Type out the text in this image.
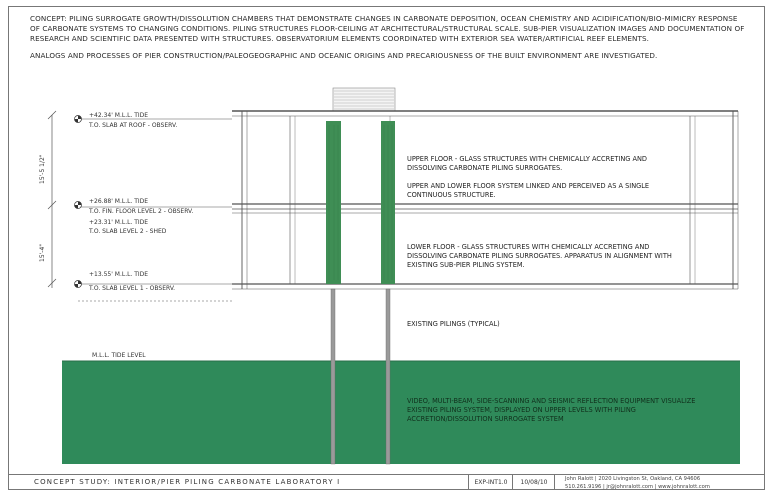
CONCEPT: PILING SURROGATE GROWTH/DISSOLUTION CHAMBERS THAT DEMONSTRATE CHANGES IN CARBONATE DEPOSITION, OCEAN CHEMISTRY AND ACIDIFICATION/BIO-MIMICRY RESPONSE OF CARBONATE SYSTEMS TO CHANGING CONDITIONS. PILING STRUCTURES FLOOR-CEILING AT ARCHITECTURAL/STRUCTURAL SCALE. SUB-PIER VISUALIZATION IMAGES AND DOCUMENTATION OF RESEARCH AND SCIENTIFIC DATA PRESENTED WITH STRUCTURES. OBSERVATORIUM ELEMENTS COORDINATED WITH EXTERIOR SEA WATER/ARTIFICIAL REEF ELEMENTS.

ANALOGS AND PROCESSES OF PIER CONSTRUCTION/PALEOGEOGRAPHIC AND OCEANIC ORIGINS AND PRECARIOUSNESS OF THE BUILT ENVIRONMENT ARE INVESTIGATED.

15'-5 1/2"
15'-4"
+42.34' M.L.L. TIDE
T.O. SLAB AT ROOF - OBSERV.
+26.88' M.L.L. TIDE
T.O. FIN. FLOOR LEVEL 2 - OBSERV.
+23.31' M.L.L. TIDE
T.O. SLAB LEVEL 2 - SHED
+13.55' M.L.L. TIDE
T.O. SLAB LEVEL 1 - OBSERV.
M.L.L. TIDE LEVEL
UPPER FLOOR - GLASS STRUCTURES WITH CHEMICALLY ACCRETING AND DISSOLVING CARBONATE PILING SURROGATES.
UPPER AND LOWER FLOOR SYSTEM LINKED AND PERCEIVED AS A SINGLE CONTINUOUS STRUCTURE.
LOWER FLOOR - GLASS STRUCTURES WITH CHEMICALLY ACCRETING AND DISSOLVING CARBONATE PILING SURROGATES. APPARATUS IN ALIGNMENT WITH EXISTING SUB-PIER PILING SYSTEM.
EXISTING PILINGS (TYPICAL)
VIDEO, MULTI-BEAM, SIDE-SCANNING AND SEISMIC REFLECTION EQUIPMENT VISUALIZE EXISTING PILING SYSTEM, DISPLAYED ON UPPER LEVELS WITH PILING ACCRETION/DISSOLUTION SURROGATE SYSTEM
CONCEPT STUDY: INTERIOR/PIER PILING CARBONATE LABORATORY I	EXP-INT1.0	10/08/10	John Ralott | 2020 Livingston St, Oakland, CA 94606
510.261.9196 | jr@johnralott.com | www.johnralott.com
